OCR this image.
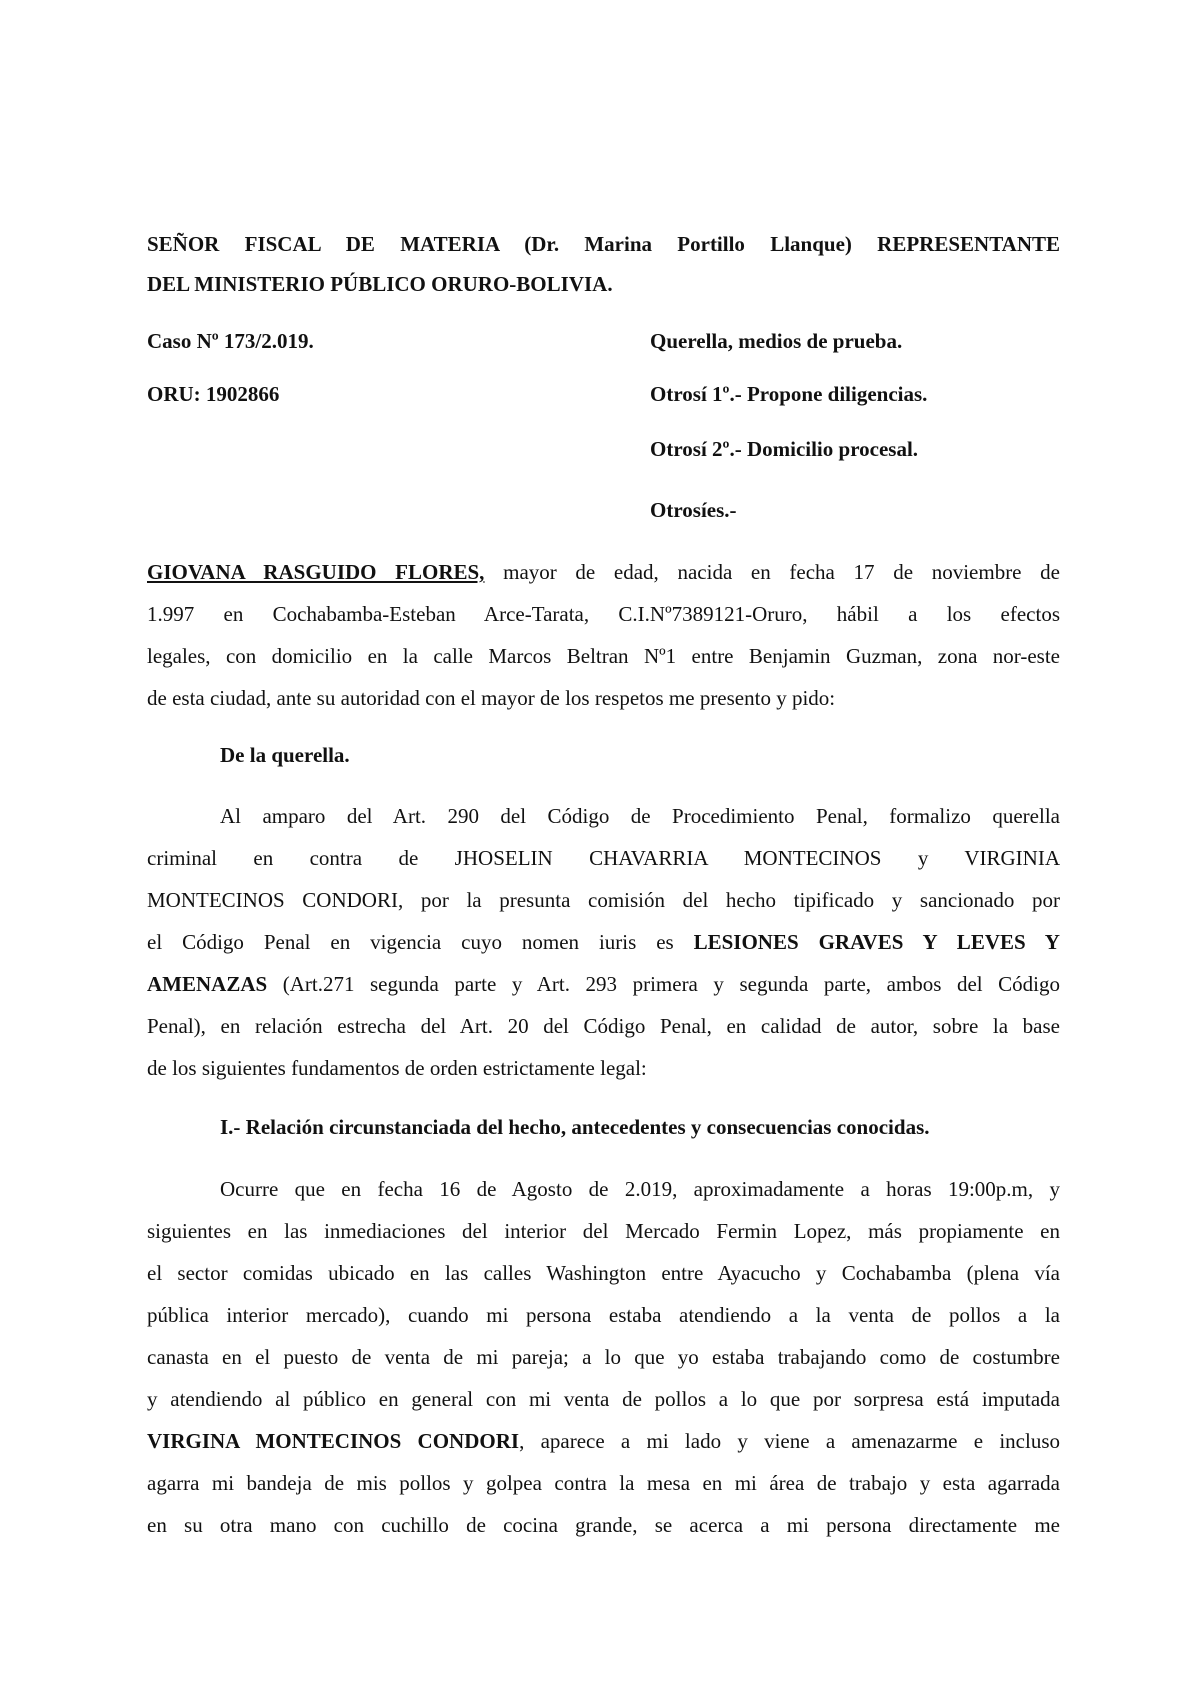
SEÑOR FISCAL DE MATERIA (Dr. Marina Portillo Llanque) REPRESENTANTE
DEL MINISTERIO PÚBLICO ORURO-BOLIVIA.
Caso Nº 173/2.019.
ORU: 1902866
Querella, medios de prueba.
Otrosí 1º.- Propone diligencias.
Otrosí 2º.- Domicilio procesal.
Otrosíes.-
GIOVANA RASGUIDO FLORES, mayor de edad, nacida en fecha 17 de noviembre de
1.997 en Cochabamba-Esteban Arce-Tarata, C.I.Nº7389121-Oruro, hábil a los efectos
legales, con domicilio en la calle Marcos Beltran Nº1 entre Benjamin Guzman, zona nor-este
de esta ciudad, ante su autoridad con el mayor de los respetos me presento y pido:
De la querella.
Al amparo del Art. 290 del Código de Procedimiento Penal, formalizo querella
criminal en contra de JHOSELIN CHAVARRIA MONTECINOS y VIRGINIA
MONTECINOS CONDORI, por la presunta comisión del hecho tipificado y sancionado por
el Código Penal en vigencia cuyo nomen iuris es LESIONES GRAVES Y LEVES Y
AMENAZAS (Art.271 segunda parte y Art. 293 primera y segunda parte, ambos del Código
Penal), en relación estrecha del Art. 20 del Código Penal, en calidad de autor, sobre la base
de los siguientes fundamentos de orden estrictamente legal:
I.- Relación circunstanciada del hecho, antecedentes y consecuencias conocidas.
Ocurre que en fecha 16 de Agosto de 2.019, aproximadamente a horas 19:00p.m, y
siguientes en las inmediaciones del interior del Mercado Fermin Lopez, más propiamente en
el sector comidas ubicado en las calles Washington entre Ayacucho y Cochabamba (plena vía
pública interior mercado), cuando mi persona estaba atendiendo a la venta de pollos a la
canasta en el puesto de venta de mi pareja; a lo que yo estaba trabajando como de costumbre
y atendiendo al público en general con mi venta de pollos a lo que por sorpresa está imputada
VIRGINA MONTECINOS CONDORI, aparece a mi lado y viene a amenazarme e incluso
agarra mi bandeja de mis pollos y golpea contra la mesa en mi área de trabajo y esta agarrada
en su otra mano con cuchillo de cocina grande, se acerca a mi persona directamente me
